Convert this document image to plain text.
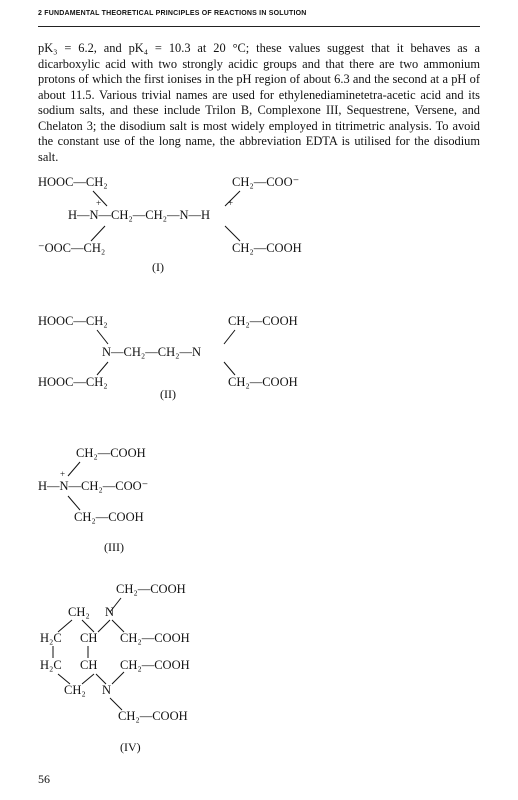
2 FUNDAMENTAL THEORETICAL PRINCIPLES OF REACTIONS IN SOLUTION
pK₃ = 6.2, and pK₄ = 10.3 at 20 °C; these values suggest that it behaves as a dicarboxylic acid with two strongly acidic groups and that there are two ammonium protons of which the first ionises in the pH region of about 6.3 and the second at a pH of about 11.5. Various trivial names are used for ethylenediaminetetra-acetic acid and its sodium salts, and these include Trilon B, Complexone III, Sequestrene, Versene, and Chelaton 3; the disodium salt is most widely employed in titrimetric analysis. To avoid the constant use of the long name, the abbreviation EDTA is utilised for the disodium salt.
HOOC—CH₂	CH₂—COO⁻
+	+
H—N—CH₂—CH₂—N—H
⁻OOC—CH₂	CH₂—COOH
(I)
HOOC—CH₂	CH₂—COOH
N—CH₂—CH₂—N
HOOC—CH₂	CH₂—COOH
(II)
CH₂—COOH
+
H—N—CH₂—COO⁻
CH₂—COOH
(III)
CH₂—COOH
CH₂ N
H₂C CH CH₂—COOH
H₂C CH CH₂—COOH
CH₂ N
CH₂—COOH
(IV)
56
